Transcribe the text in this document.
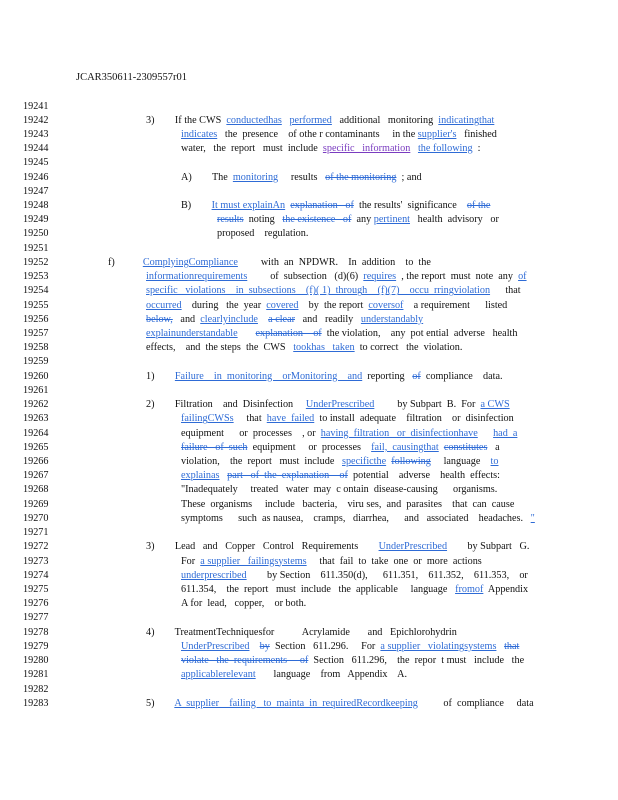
JCAR350611-2309557r01
19241
19242
19243
19244
19245
19246
19247
19248
19249
19250
19251
19252
19253
19254
19255
19256
19257
19258
19259
19260
19261
19262
19263
19264
19265
19266
19267
19268
19269
19270
19271
19272
19273
19274
19275
19276
19277
19278
19279
19280
19281
19282
19283
3)        If the CWS  conductedhas performed   additional   monitoring  indicatingthat
indicates   the  presence    of othe r contaminants     in the supplier's   finished
water,   the  report   must  include  specific   information the following  :
A)        The  monitoring     results   of the monitoring  ; and
B)        It must explainAn explanation   of  the results'  significance    of the
results  noting   the existence   of  any pertinent   health  advisory   or
proposed    regulation.
f)           ComplyingCompliance         with  an  NPDWR.    In  addition    to  the
informationrequirements         of  subsection   (d)(6)  requires  , the report  must  note  any  of
specific   violations    in  subsections    (f)( 1)  through    (f)(7)    occu  rringviolation      that
occurred    during   the  year  covered    by  the report  coversof    a requirement      listed
below,   and  clearlyinclude a clear   and   readily   understandably
explainunderstandable explanation    of  the violation,    any  pot ential  adverse   health
effects,    and  the steps  the  CWS   tookhas   taken  to correct   the  violation.
1)        Failure    in  monitoring    orMonitoring    and  reporting   of  compliance    data.
2)        Filtration    and  Disinfection     UnderPrescribed         by Subpart  B.  For  a CWS
failingCWSs     that  have  failed  to install  adequate    filtration    or  disinfection
equipment      or  processes    , or  having  filtration   or  disinfectionhave had  a
failure   of  such  equipment     or  processes    fail,  causingthat constitutes   a
violation,    the  report   must  include   specificthe following     language    to
explainas part   of  the  explanation    of  potential    adverse    health  effects:
"Inadequately     treated   water  may  c ontain  disease-causing      organisms.
These  organisms     include   bacteria,    viru ses,  and  parasites    that  can  cause
symptoms      such  as nausea,    cramps,   diarrhea,      and   associated    headaches.   "
3)        Lead   and   Copper   Control   Requirements        UnderPrescribed        by Subpart   G.
For  a supplier   failingsystems     that  fail  to  take  one  or  more  actions
underprescribed        by Section    611.350(d),      611.351,    611.352,    611.353,    or
611.354,    the  report   must  include   the  applicable     language   fromof  Appendix
A for  lead,   copper,    or both.
4)        TreatmentTechniquesfor           Acrylamide       and   Epichlorohydrin
UnderPrescribed by  Section   611.296.     For  a supplier   violatingsystems that
violate   the  requirements     of  Section   611.296,    the  repor  t must   include   the
applicablerelevant       language    from   Appendix    A.
5)        A  supplier    failing   to  mainta  in  requiredRecordkeeping          of  compliance     data
